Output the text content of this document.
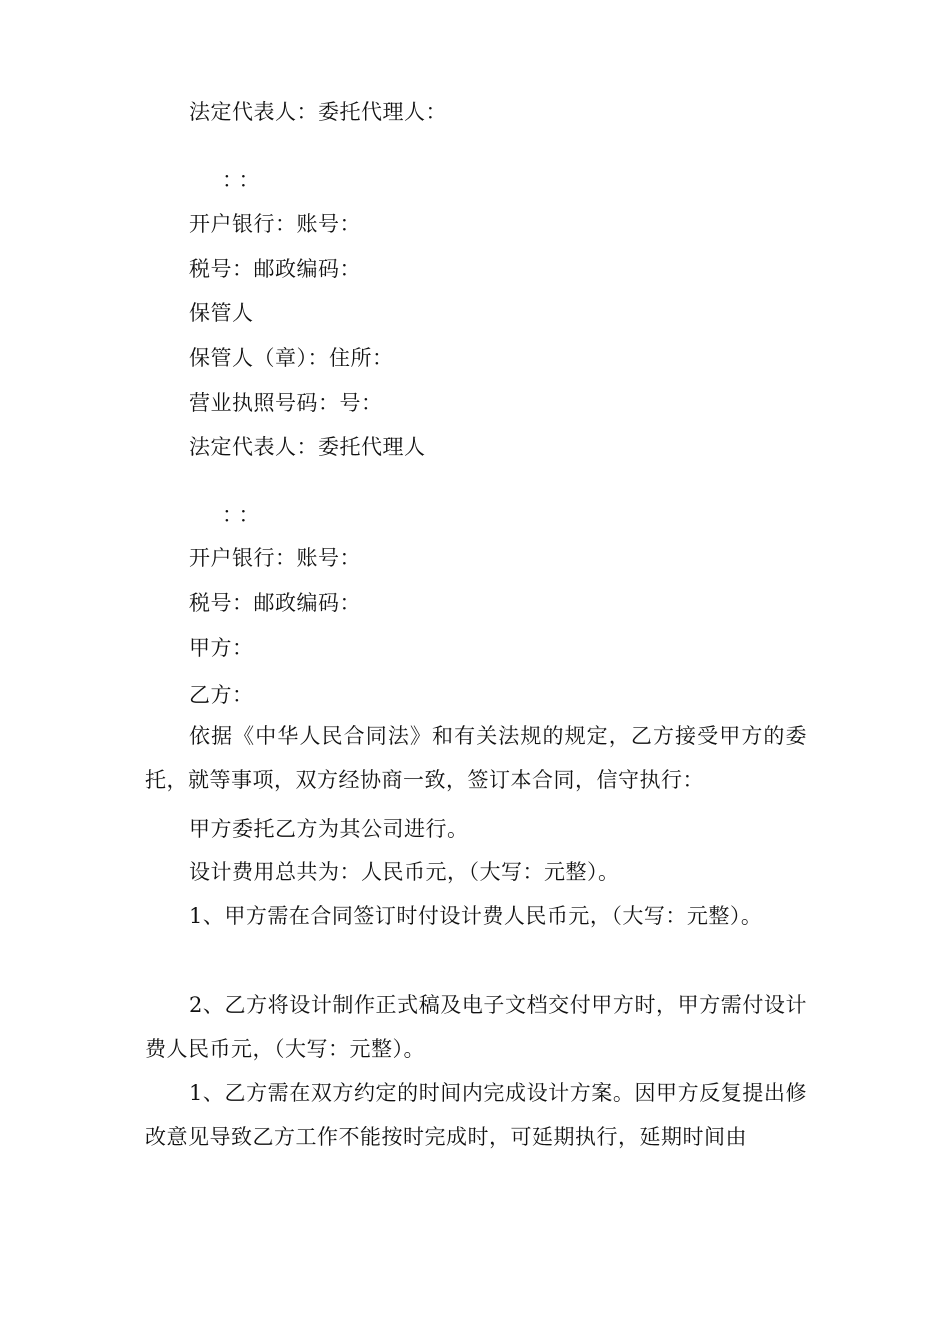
法定代表人：委托代理人：
：：
开户银行：账号：
税号：邮政编码：
保管人
保管人（章）：住所：
营业执照号码：号：
法定代表人：委托代理人
：：
开户银行：账号：
税号：邮政编码：
甲方：
乙方：
依据《中华人民合同法》和有关法规的规定，乙方接受甲方的委托，就等事项，双方经协商一致，签订本合同，信守执行：
甲方委托乙方为其公司进行。
设计费用总共为：人民币元，（大写：元整）。
1、甲方需在合同签订时付设计费人民币元，（大写：元整）。
2、乙方将设计制作正式稿及电子文档交付甲方时，甲方需付设计费人民币元，（大写：元整）。
1、乙方需在双方约定的时间内完成设计方案。因甲方反复提出修改意见导致乙方工作不能按时完成时，可延期执行，延期时间由
